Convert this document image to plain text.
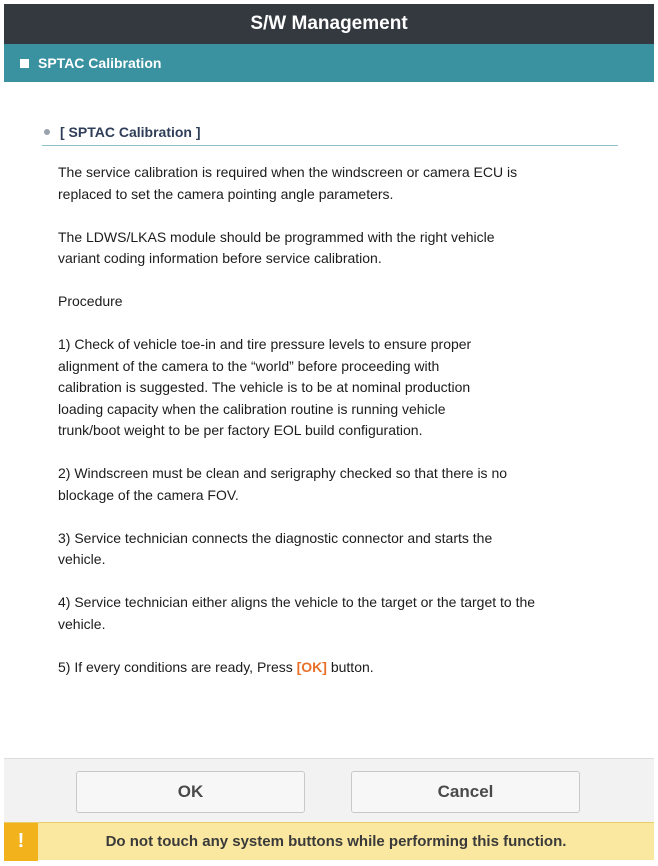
S/W Management
SPTAC Calibration
[ SPTAC Calibration ]

The service calibration is required when the windscreen or camera ECU is
replaced to set the camera pointing angle parameters.

The LDWS/LKAS module should be programmed with the right vehicle
variant coding information before service calibration.

Procedure

1) Check of vehicle toe-in and tire pressure levels to ensure proper
alignment of the camera to the “world” before proceeding with
calibration is suggested. The vehicle is to be at nominal production
loading capacity when the calibration routine is running vehicle
trunk/boot weight to be per factory EOL build configuration.

2) Windscreen must be clean and serigraphy checked so that there is no
blockage of the camera FOV.

3) Service technician connects the diagnostic connector and starts the
vehicle.

4) Service technician either aligns the vehicle to the target or the target to the
vehicle.

5) If every conditions are ready, Press [OK] button.

OK	Cancel
!	Do not touch any system buttons while performing this function.
